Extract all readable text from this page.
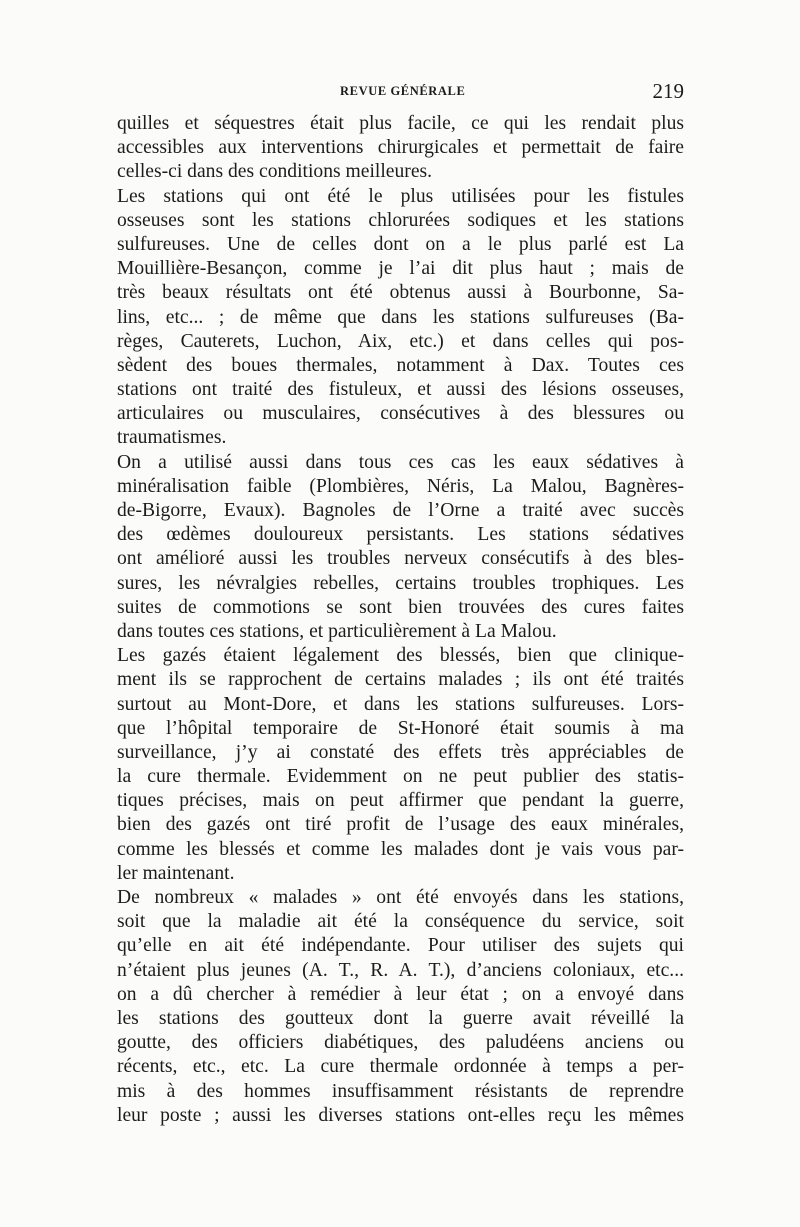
REVUE GÉNÉRALE	219
quilles et séquestres était plus facile, ce qui les rendait plus
accessibles aux interventions chirurgicales et permettait de faire
celles-ci dans des conditions meilleures.
Les stations qui ont été le plus utilisées pour les fistules
osseuses sont les stations chlorurées sodiques et les stations
sulfureuses. Une de celles dont on a le plus parlé est La
Mouillière-Besançon, comme je l’ai dit plus haut ; mais de
très beaux résultats ont été obtenus aussi à Bourbonne, Sa-
lins, etc... ; de même que dans les stations sulfureuses (Ba-
règes, Cauterets, Luchon, Aix, etc.) et dans celles qui pos-
sèdent des boues thermales, notamment à Dax. Toutes ces
stations ont traité des fistuleux, et aussi des lésions osseuses,
articulaires ou musculaires, consécutives à des blessures ou
traumatismes.
On a utilisé aussi dans tous ces cas les eaux sédatives à
minéralisation faible (Plombières, Néris, La Malou, Bagnères-
de-Bigorre, Evaux). Bagnoles de l’Orne a traité avec succès
des œdèmes douloureux persistants. Les stations sédatives
ont amélioré aussi les troubles nerveux consécutifs à des bles-
sures, les névralgies rebelles, certains troubles trophiques. Les
suites de commotions se sont bien trouvées des cures faites
dans toutes ces stations, et particulièrement à La Malou.
Les gazés étaient légalement des blessés, bien que clinique-
ment ils se rapprochent de certains malades ; ils ont été traités
surtout au Mont-Dore, et dans les stations sulfureuses. Lors-
que l’hôpital temporaire de St-Honoré était soumis à ma
surveillance, j’y ai constaté des effets très appréciables de
la cure thermale. Evidemment on ne peut publier des statis-
tiques précises, mais on peut affirmer que pendant la guerre,
bien des gazés ont tiré profit de l’usage des eaux minérales,
comme les blessés et comme les malades dont je vais vous par-
ler maintenant.
De nombreux « malades » ont été envoyés dans les stations,
soit que la maladie ait été la conséquence du service, soit
qu’elle en ait été indépendante. Pour utiliser des sujets qui
n’étaient plus jeunes (A. T., R. A. T.), d’anciens coloniaux, etc...
on a dû chercher à remédier à leur état ; on a envoyé dans
les stations des goutteux dont la guerre avait réveillé la
goutte, des officiers diabétiques, des paludéens anciens ou
récents, etc., etc. La cure thermale ordonnée à temps a per-
mis à des hommes insuffisamment résistants de reprendre
leur poste ; aussi les diverses stations ont-elles reçu les mêmes
